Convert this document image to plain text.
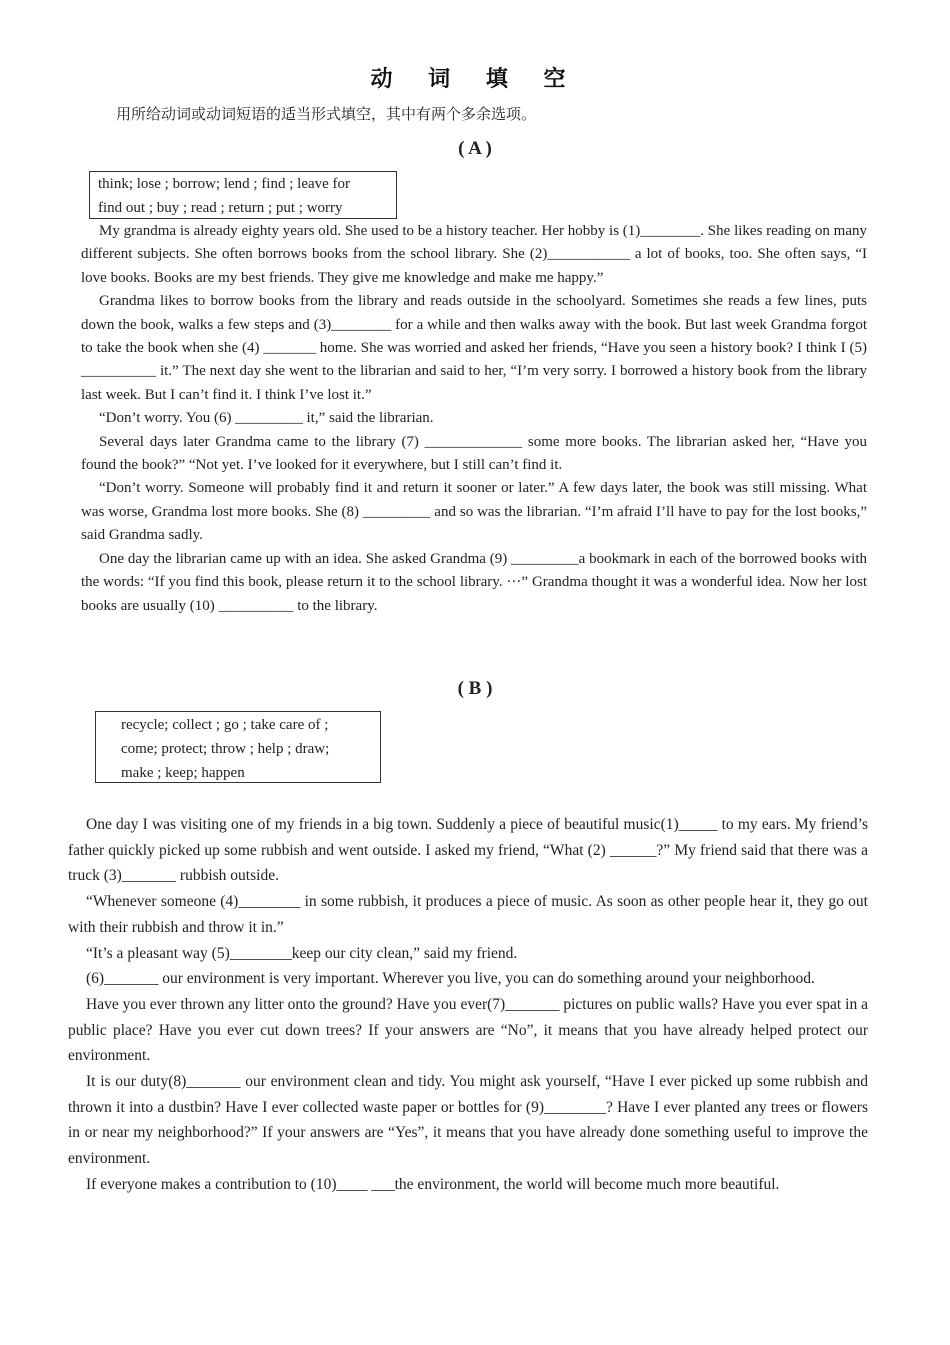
动 词 填 空
用所给动词或动词短语的适当形式填空，其中有两个多余选项。
( A )
think; lose ; borrow; lend ; find ; leave for
find out ; buy ; read ; return ; put ; worry

My grandma is already eighty years old. She used to be a history teacher. Her hobby is (1)________. She likes reading on many different subjects. She often borrows books from the school library. She (2)___________ a lot of books, too. She often says, “I love books. Books are my best friends. They give me knowledge and make me happy.”

Grandma likes to borrow books from the library and reads outside in the schoolyard. Sometimes she reads a few lines, puts down the book, walks a few steps and (3)________ for a while and then walks away with the book. But last week Grandma forgot to take the book when she (4) _______ home. She was worried and asked her friends, “Have you seen a history book? I think I (5) __________ it.” The next day she went to the librarian and said to her, “I’m very sorry. I borrowed a history book from the library last week. But I can’t find it. I think I’ve lost it.”

“Don’t worry. You (6) _________ it,” said the librarian.

Several days later Grandma came to the library (7) _____________ some more books. The librarian asked her, “Have you found the book?” “Not yet. I’ve looked for it everywhere, but I still can’t find it.

“Don’t worry. Someone will probably find it and return it sooner or later.” A few days later, the book was still missing. What was worse, Grandma lost more books. She (8) _________ and so was the librarian. “I’m afraid I’ll have to pay for the lost books,” said Grandma sadly.

One day the librarian came up with an idea. She asked Grandma (9) _________a bookmark in each of the borrowed books with the words: “If you find this book, please return it to the school library. ···” Grandma thought it was a wonderful idea. Now her lost books are usually (10) __________ to the library.

( B )
recycle; collect ; go ; take care of ;
come; protect; throw ; help ; draw;
make ; keep; happen

One day I was visiting one of my friends in a big town. Suddenly a piece of beautiful music(1)_____ to my ears. My friend’s father quickly picked up some rubbish and went outside. I asked my friend, “What (2) ______?” My friend said that there was a truck (3)_______ rubbish outside.

“Whenever someone (4)________ in some rubbish, it produces a piece of music. As soon as other people hear it, they go out with their rubbish and throw it in.”

“It’s a pleasant way (5)________keep our city clean,” said my friend.

(6)_______ our environment is very important. Wherever you live, you can do something around your neighborhood.

Have you ever thrown any litter onto the ground? Have you ever(7)_______ pictures on public walls? Have you ever spat in a public place? Have you ever cut down trees? If your answers are “No”, it means that you have already helped protect our environment.

It is our duty(8)_______ our environment clean and tidy. You might ask yourself, “Have I ever picked up some rubbish and thrown it into a dustbin? Have I ever collected waste paper or bottles for (9)________? Have I ever planted any trees or flowers in or near my neighborhood?” If your answers are “Yes”, it means that you have already done something useful to improve the environment.

If everyone makes a contribution to (10)____ ___the environment, the world will become much more beautiful.
